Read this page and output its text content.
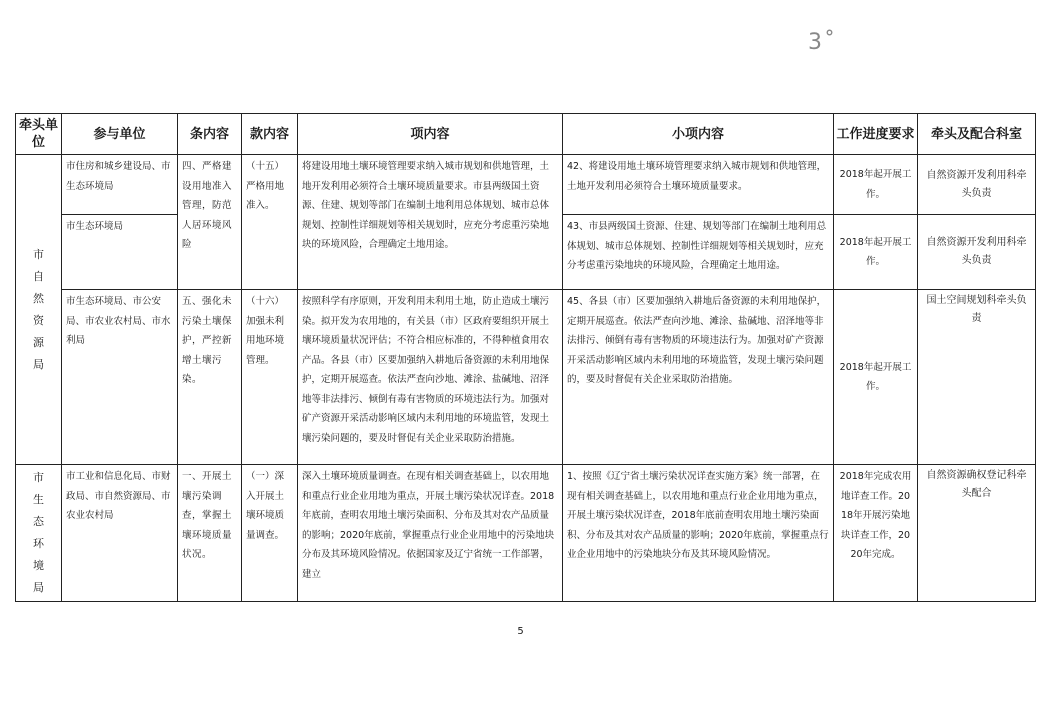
3˚
牵头单位	参与单位	条内容	款内容	项内容	小项内容	工作进度要求	牵头及配合科室
市自然资源局	市住房和城乡建设局、市生态环境局	四、严格建设用地准入管理，防范人居环境风险	（十五）严格用地准入。	将建设用地土壤环境管理要求纳入城市规划和供地管理，土地开发利用必须符合土壤环境质量要求。市县两级国土资源、住建、规划等部门在编制土地利用总体规划、城市总体规划、控制性详细规划等相关规划时，应充分考虑重污染地块的环境风险，合理确定土地用途。	42、将建设用地土壤环境管理要求纳入城市规划和供地管理，土地开发利用必须符合土壤环境质量要求。	2018年起开展工作。	自然资源开发利用科牵头负责
	市生态环境局				43、市县两级国土资源、住建、规划等部门在编制土地利用总体规划、城市总体规划、控制性详细规划等相关规划时，应充分考虑重污染地块的环境风险，合理确定土地用途。	2018年起开展工作。	自然资源开发利用科牵头负责
	市生态环境局、市公安局、市农业农村局、市水利局	五、强化未污染土壤保护，严控新增土壤污染。	（十六）加强未利用地环境管理。	按照科学有序原则，开发利用未利用土地，防止造成土壤污染。拟开发为农用地的，有关县（市）区政府要组织开展土壤环境质量状况评估；不符合相应标准的，不得种植食用农产品。各县（市）区要加强纳入耕地后备资源的未利用地保护，定期开展巡查。依法严查向沙地、滩涂、盐碱地、沼泽地等非法排污、倾倒有毒有害物质的环境违法行为。加强对矿产资源开采活动影响区域内未利用地的环境监管，发现土壤污染问题的，要及时督促有关企业采取防治措施。	45、各县（市）区要加强纳入耕地后备资源的未利用地保护，定期开展巡查。依法严查向沙地、滩涂、盐碱地、沼泽地等非法排污、倾倒有毒有害物质的环境违法行为。加强对矿产资源开采活动影响区域内未利用地的环境监管，发现土壤污染问题的，要及时督促有关企业采取防治措施。	2018年起开展工作。	国土空间规划科牵头负责
市生态环境局	市工业和信息化局、市财政局、市自然资源局、市农业农村局	一、开展土壤污染调查，掌握土壤环境质量状况。	（一）深入开展土壤环境质量调查。	深入土壤环境质量调查。在现有相关调查基础上，以农用地和重点行业企业用地为重点，开展土壤污染状况详查。2018年底前，查明农用地土壤污染面积、分布及其对农产品质量的影响；2020年底前，掌握重点行业企业用地中的污染地块分布及其环境风险情况。依据国家及辽宁省统一工作部署，建立	1、按照《辽宁省土壤污染状况详查实施方案》统一部署，在现有相关调查基础上，以农用地和重点行业企业用地为重点，开展土壤污染状况详查，2018年底前查明农用地土壤污染面积、分布及其对农产品质量的影响；2020年底前，掌握重点行业企业用地中的污染地块分布及其环境风险情况。	2018年完成农用地详查工作。2018年开展污染地块详查工作，2020年完成。	自然资源确权登记科牵头配合
5
